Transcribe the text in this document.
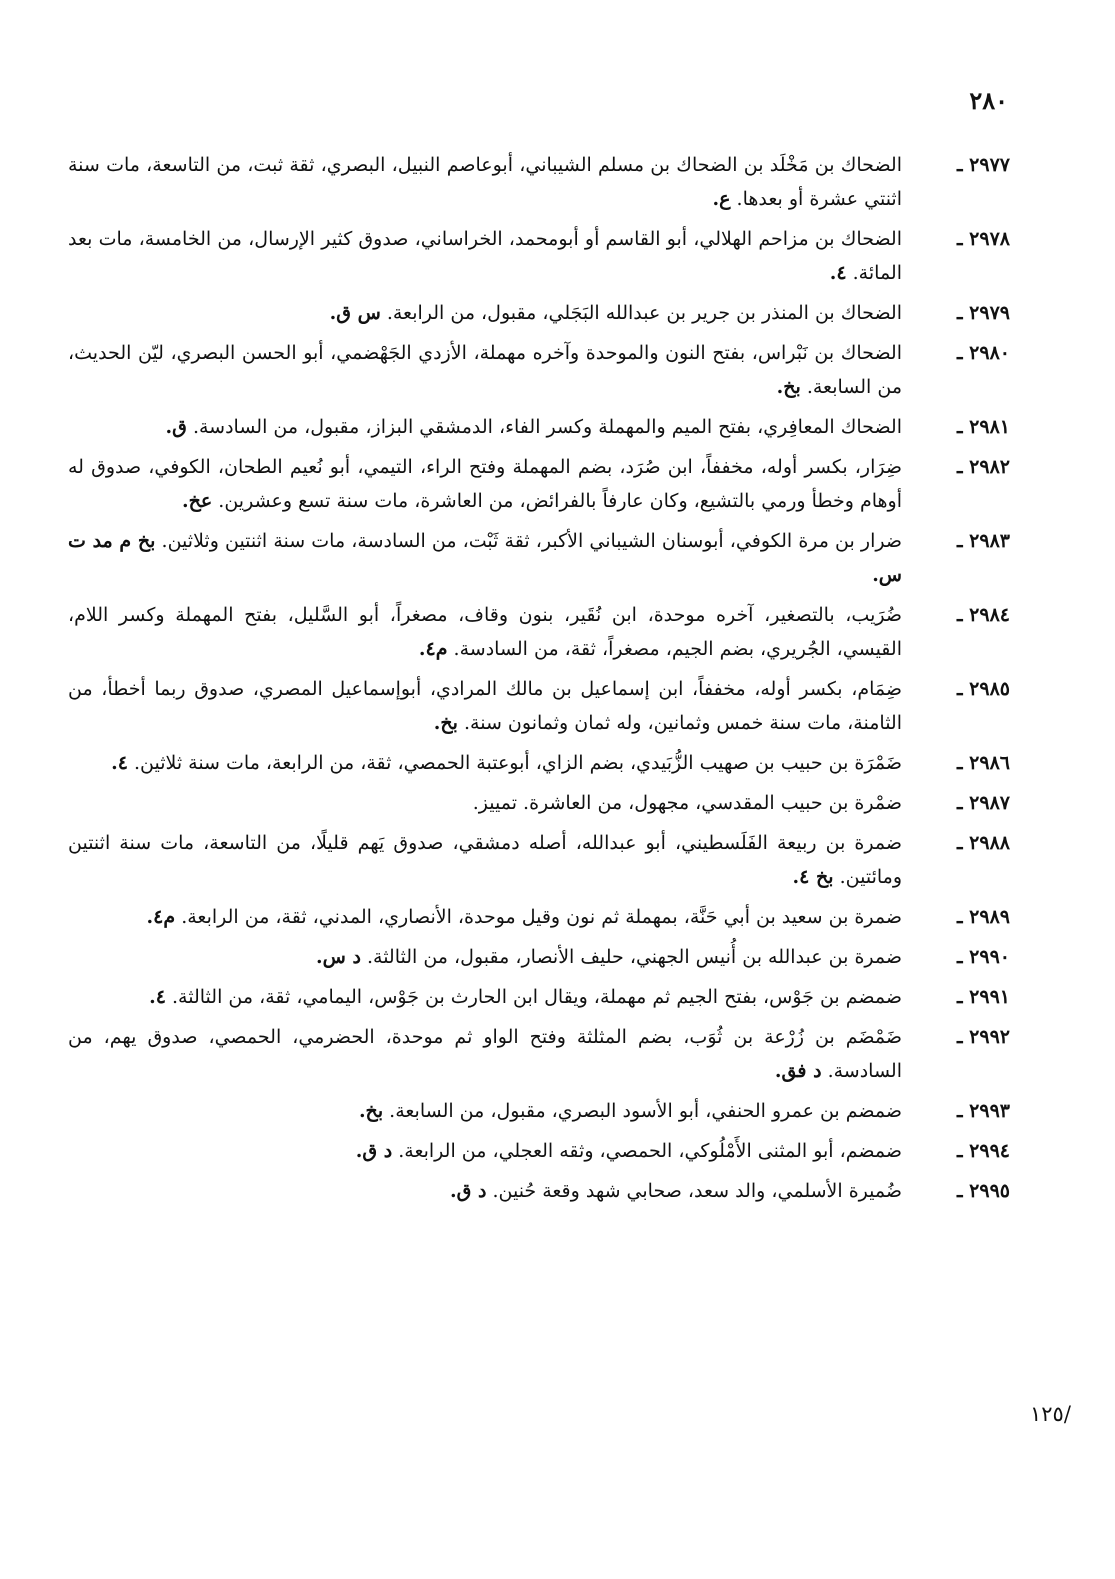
٢٨٠
/١٢٥
٢٩٧٧ ـ
الضحاك بن مَخْلَد بن الضحاك بن مسلم الشيباني، أبوعاصم النبيل، البصري، ثقة ثبت، من التاسعة، مات سنة اثنتي عشرة أو بعدها. ع.
٢٩٧٨ ـ
الضحاك بن مزاحم الهلالي، أبو القاسم أو أبومحمد، الخراساني، صدوق كثير الإرسال، من الخامسة، مات بعد المائة. ٤.
٢٩٧٩ ـ
الضحاك بن المنذر بن جرير بن عبدالله البَجَلي، مقبول، من الرابعة. س ق.
٢٩٨٠ ـ
الضحاك بن نَبْراس، بفتح النون والموحدة وآخره مهملة، الأزدي الجَهْضمي، أبو الحسن البصري، ليّن الحديث، من السابعة. بخ.
٢٩٨١ ـ
الضحاك المعافِري، بفتح الميم والمهملة وكسر الفاء، الدمشقي البزاز، مقبول، من السادسة. ق.
٢٩٨٢ ـ
ضِرَار، بكسر أوله، مخففاً، ابن صُرَد، بضم المهملة وفتح الراء، التيمي، أبو نُعيم الطحان، الكوفي، صدوق له أوهام وخطأ ورمي بالتشيع، وكان عارفاً بالفرائض، من العاشرة، مات سنة تسع وعشرين. عخ.
٢٩٨٣ ـ
ضرار بن مرة الكوفي، أبوسنان الشيباني الأكبر، ثقة ثَبْت، من السادسة، مات سنة اثنتين وثلاثين. بخ م مد ت س.
٢٩٨٤ ـ
ضُرَيب، بالتصغير، آخره موحدة، ابن نُقَير، بنون وقاف، مصغراً، أبو السَّليل، بفتح المهملة وكسر اللام، القيسي، الجُريري، بضم الجيم، مصغراً، ثقة، من السادسة. م٤.
٢٩٨٥ ـ
ضِمَام، بكسر أوله، مخففاً، ابن إسماعيل بن مالك المرادي، أبوإسماعيل المصري، صدوق ربما أخطأ، من الثامنة، مات سنة خمس وثمانين، وله ثمان وثمانون سنة. بخ.
٢٩٨٦ ـ
ضَمْرَة بن حبيب بن صهيب الزُّبَيدي، بضم الزاي، أبوعتبة الحمصي، ثقة، من الرابعة، مات سنة ثلاثين. ٤.
٢٩٨٧ ـ
ضمْرة بن حبيب المقدسي، مجهول، من العاشرة. تمييز.
٢٩٨٨ ـ
ضمرة بن ربيعة الفَلَسطيني، أبو عبدالله، أصله دمشقي، صدوق يَهم قليلًا، من التاسعة، مات سنة اثنتين ومائتين. بخ ٤.
٢٩٨٩ ـ
ضمرة بن سعيد بن أبي حَنَّة، بمهملة ثم نون وقيل موحدة، الأنصاري، المدني، ثقة، من الرابعة. م٤.
٢٩٩٠ ـ
ضمرة بن عبدالله بن أُنيس الجهني، حليف الأنصار، مقبول، من الثالثة. د س.
٢٩٩١ ـ
ضمضم بن جَوْس، بفتح الجيم ثم مهملة، ويقال ابن الحارث بن جَوْس، اليمامي، ثقة، من الثالثة. ٤.
٢٩٩٢ ـ
ضَمْضَم بن زُرْعة بن ثُوَب، بضم المثلثة وفتح الواو ثم موحدة، الحضرمي، الحمصي، صدوق يهم، من السادسة. د فق.
٢٩٩٣ ـ
ضمضم بن عمرو الحنفي، أبو الأسود البصري، مقبول، من السابعة. بخ.
٢٩٩٤ ـ
ضمضم، أبو المثنى الأَمْلُوكي، الحمصي، وثقه العجلي، من الرابعة. د ق.
٢٩٩٥ ـ
ضُميرة الأسلمي، والد سعد، صحابي شهد وقعة حُنين. د ق.
